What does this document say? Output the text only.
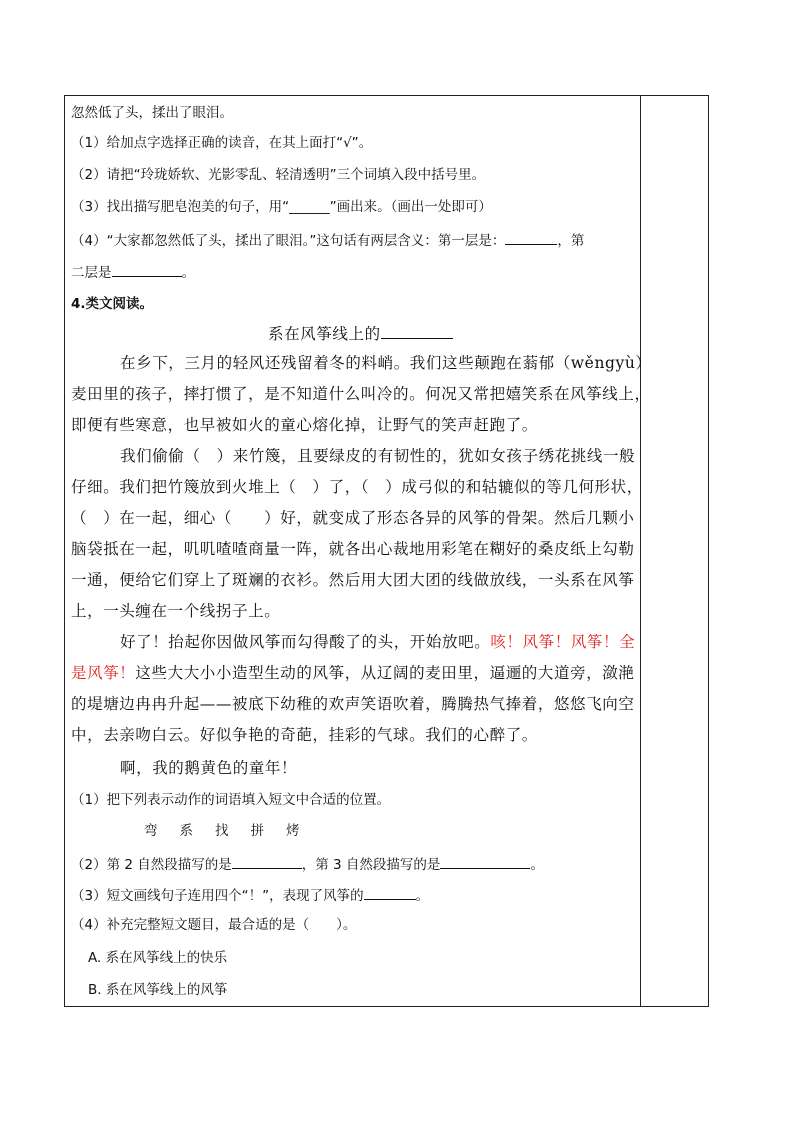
忽然低了头，揉出了眼泪。
（1）给加点字选择正确的读音，在其上面打“√”。
（2）请把“玲珑娇软、光影零乱、轻清透明”三个词填入段中括号里。
（3）找出描写肥皂泡美的句子，用“______”画出来。（画出一处即可）
（4）“大家都忽然低了头，揉出了眼泪。”这句话有两层含义：第一层是：	，第
二层是	。
4.类文阅读。
系在风筝线上的
在乡下，三月的轻风还残留着冬的料峭。我们这些颠跑在蓊郁（wěngyù）
麦田里的孩子，摔打惯了，是不知道什么叫冷的。何况又常把嬉笑系在风筝线上，
即便有些寒意，也早被如火的童心熔化掉，让野气的笑声赶跑了。
我们偷偷（　）来竹篾，且要绿皮的有韧性的，犹如女孩子绣花挑线一般
仔细。我们把竹篾放到火堆上（　）了，（　）成弓似的和轱辘似的等几何形状，
（　）在一起，细心（　　）好，就变成了形态各异的风筝的骨架。然后几颗小
脑袋抵在一起，叽叽喳喳商量一阵，就各出心裁地用彩笔在糊好的桑皮纸上勾勒
一通，便给它们穿上了斑斓的衣衫。然后用大团大团的线做放线，一头系在风筝
上，一头缠在一个线拐子上。
好了！抬起你因做风筝而勾得酸了的头，开始放吧。咳！风筝！风筝！全
是风筝！这些大大小小造型生动的风筝，从辽阔的麦田里，逼逦的大道旁，潋滟
的堤塘边冉冉升起——被底下幼稚的欢声笑语吹着，腾腾热气捧着，悠悠飞向空
中，去亲吻白云。好似争艳的奇葩，挂彩的气球。我们的心醉了。
啊，我的鹅黄色的童年！
（1）把下列表示动作的词语填入短文中合适的位置。
弯 系 找 拼 烤
（2）第 2 自然段描写的是	，第 3 自然段描写的是	。
（3）短文画线句子连用四个“！”，表现了风筝的	。
（4）补充完整短文题目，最合适的是（　　）。
A. 系在风筝线上的快乐
B. 系在风筝线上的风筝
